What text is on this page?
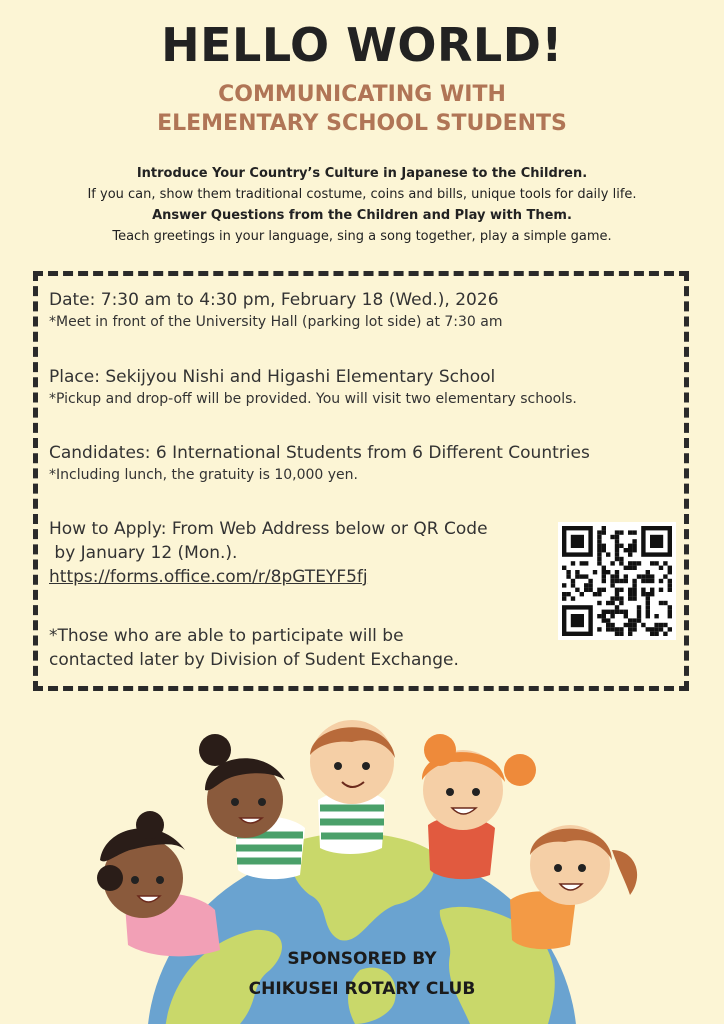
HELLO WORLD!
COMMUNICATING WITH
ELEMENTARY SCHOOL STUDENTS
Introduce Your Country’s Culture in Japanese to the Children.
If you can, show them traditional costume, coins and bills, unique tools for daily life.
Answer Questions from the Children and Play with Them.
Teach greetings in your language, sing a song together, play a simple game.
Date: 7:30 am to 4:30 pm, February 18 (Wed.), 2026
*Meet in front of the University Hall (parking lot side) at 7:30 am
Place: Sekijyou Nishi and Higashi Elementary School
*Pickup and drop-off will be provided. You will visit two elementary schools.
Candidates: 6 International Students from 6 Different Countries
*Including lunch, the gratuity is 10,000 yen.
How to Apply: From Web Address below or QR Code
by January 12 (Mon.).
https://forms.office.com/r/8pGTEYF5fj
*Those who are able to participate will be
contacted later by Division of Sudent Exchange.
SPONSORED BY
CHIKUSEI ROTARY CLUB
